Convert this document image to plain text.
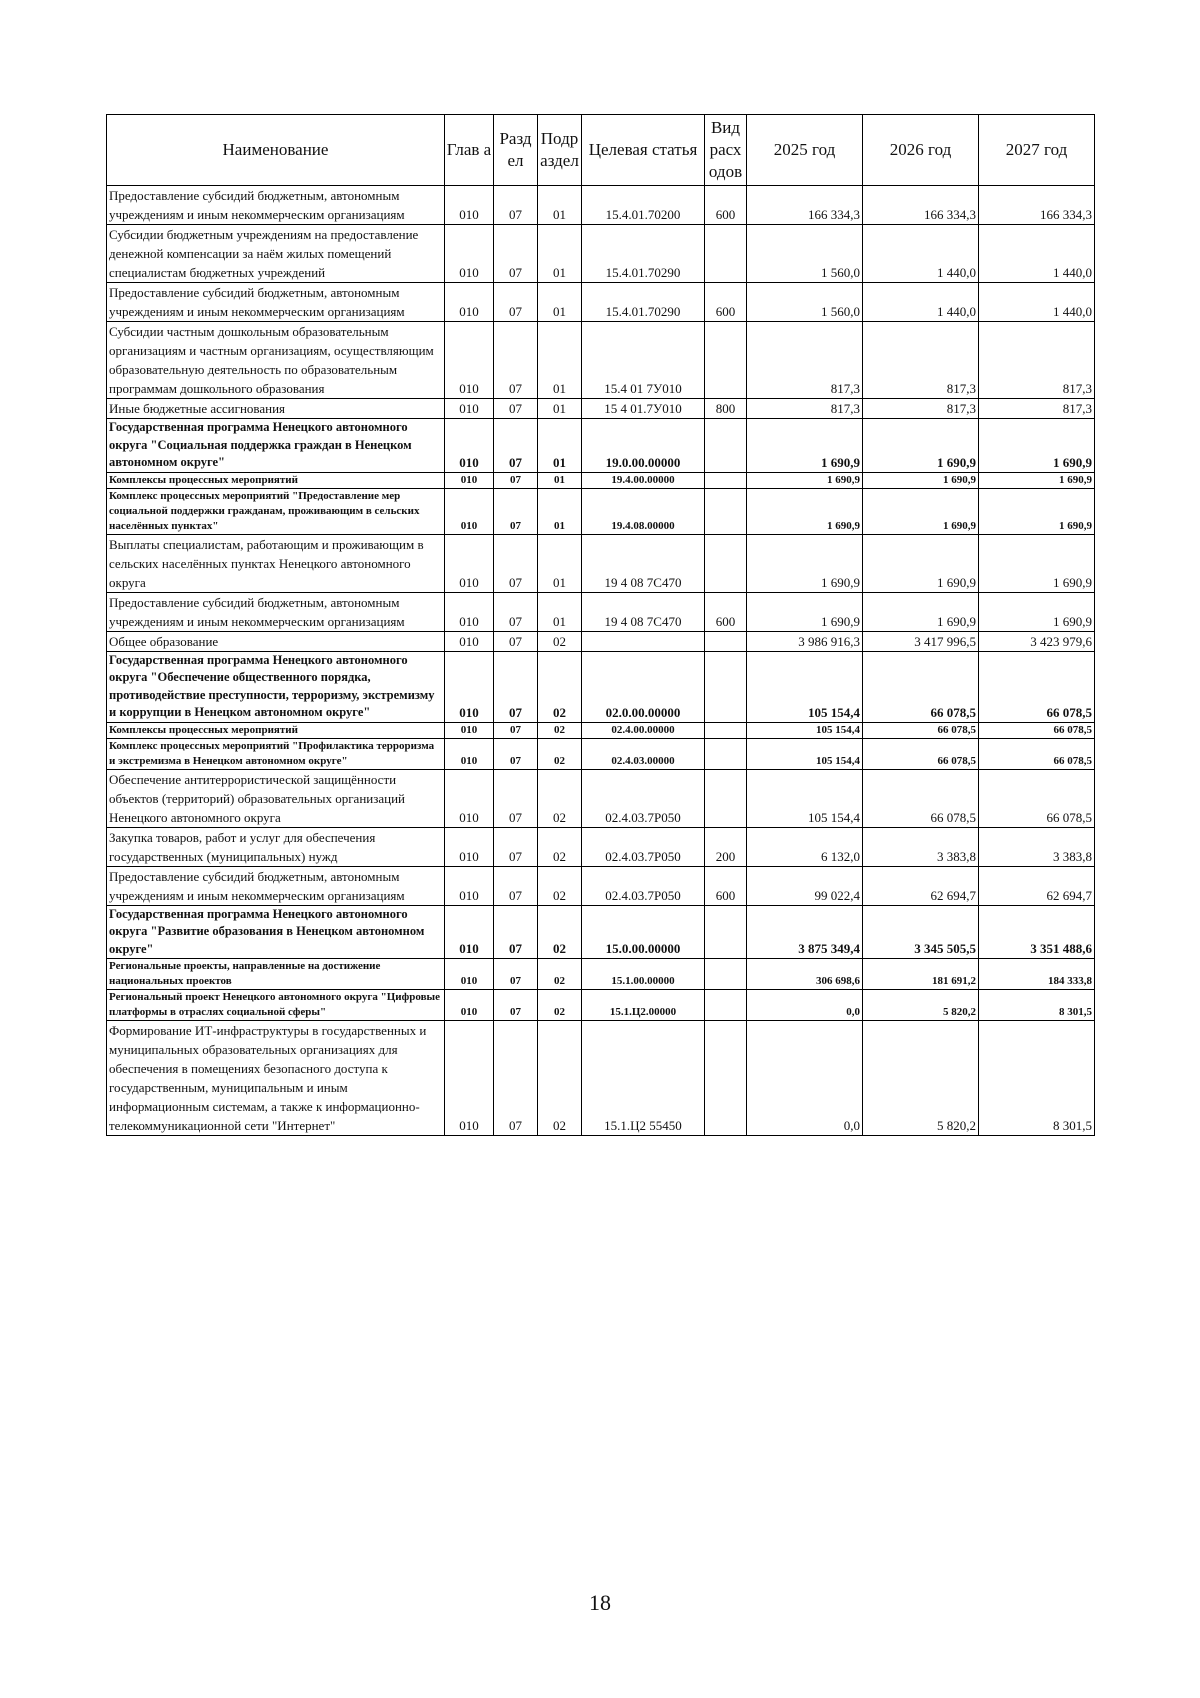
Наименование	Глав а	Разд ел	Подр аздел	Целевая статья	Вид расх одов	2025 год	2026 год	2027 год
Предоставление субсидий бюджетным, автономным учреждениям и иным некоммерческим организациям	010	07	01	15.4.01.70200	600	166 334,3	166 334,3	166 334,3
Субсидии бюджетным учреждениям на предоставление денежной компенсации за наём жилых помещений специалистам бюджетных учреждений	010	07	01	15.4.01.70290		1 560,0	1 440,0	1 440,0
Предоставление субсидий бюджетным, автономным учреждениям и иным некоммерческим организациям	010	07	01	15.4.01.70290	600	1 560,0	1 440,0	1 440,0
Субсидии частным дошкольным образовательным организациям и частным организациям, осуществляющим образовательную деятельность по образовательным программам дошкольного образования	010	07	01	15.4 01 7У010		817,3	817,3	817,3
Иные бюджетные ассигнования	010	07	01	15 4 01.7У010	800	817,3	817,3	817,3
Государственная программа Ненецкого автономного округа "Социальная поддержка граждан в Ненецком автономном округе"	010	07	01	19.0.00.00000		1 690,9	1 690,9	1 690,9
Комплексы процессных мероприятий	010	07	01	19.4.00.00000		1 690,9	1 690,9	1 690,9
Комплекс процессных мероприятий "Предоставление мер социальной поддержки гражданам, проживающим в сельских населённых пунктах"	010	07	01	19.4.08.00000		1 690,9	1 690,9	1 690,9
Выплаты специалистам, работающим и проживающим в сельских населённых пунктах Ненецкого автономного округа	010	07	01	19 4 08 7С470		1 690,9	1 690,9	1 690,9
Предоставление субсидий бюджетным, автономным учреждениям и иным некоммерческим организациям	010	07	01	19 4 08 7С470	600	1 690,9	1 690,9	1 690,9
Общее образование	010	07	02			3 986 916,3	3 417 996,5	3 423 979,6
Государственная программа Ненецкого автономного округа "Обеспечение общественного порядка, противодействие преступности, терроризму, экстремизму и коррупции в Ненецком автономном округе"	010	07	02	02.0.00.00000		105 154,4	66 078,5	66 078,5
Комплексы процессных мероприятий	010	07	02	02.4.00.00000		105 154,4	66 078,5	66 078,5
Комплекс процессных мероприятий "Профилактика терроризма и экстремизма в Ненецком автономном округе"	010	07	02	02.4.03.00000		105 154,4	66 078,5	66 078,5
Обеспечение антитеррористической защищённости объектов (территорий) образовательных организаций Ненецкого автономного округа	010	07	02	02.4.03.7Р050		105 154,4	66 078,5	66 078,5
Закупка товаров, работ и услуг для обеспечения государственных (муниципальных) нужд	010	07	02	02.4.03.7Р050	200	6 132,0	3 383,8	3 383,8
Предоставление субсидий бюджетным, автономным учреждениям и иным некоммерческим организациям	010	07	02	02.4.03.7Р050	600	99 022,4	62 694,7	62 694,7
Государственная программа Ненецкого автономного округа "Развитие образования в Ненецком автономном округе"	010	07	02	15.0.00.00000		3 875 349,4	3 345 505,5	3 351 488,6
Региональные проекты, направленные на достижение национальных проектов	010	07	02	15.1.00.00000		306 698,6	181 691,2	184 333,8
Региональный проект Ненецкого автономного округа "Цифровые платформы в отраслях социальной сферы"	010	07	02	15.1.Ц2.00000		0,0	5 820,2	8 301,5
Формирование ИТ-инфраструктуры в государственных и муниципальных образовательных организациях для обеспечения в помещениях безопасного доступа к государственным, муниципальным и иным информационным системам, а также к информационно-телекоммуникационной сети "Интернет"	010	07	02	15.1.Ц2 55450		0,0	5 820,2	8 301,5
18
